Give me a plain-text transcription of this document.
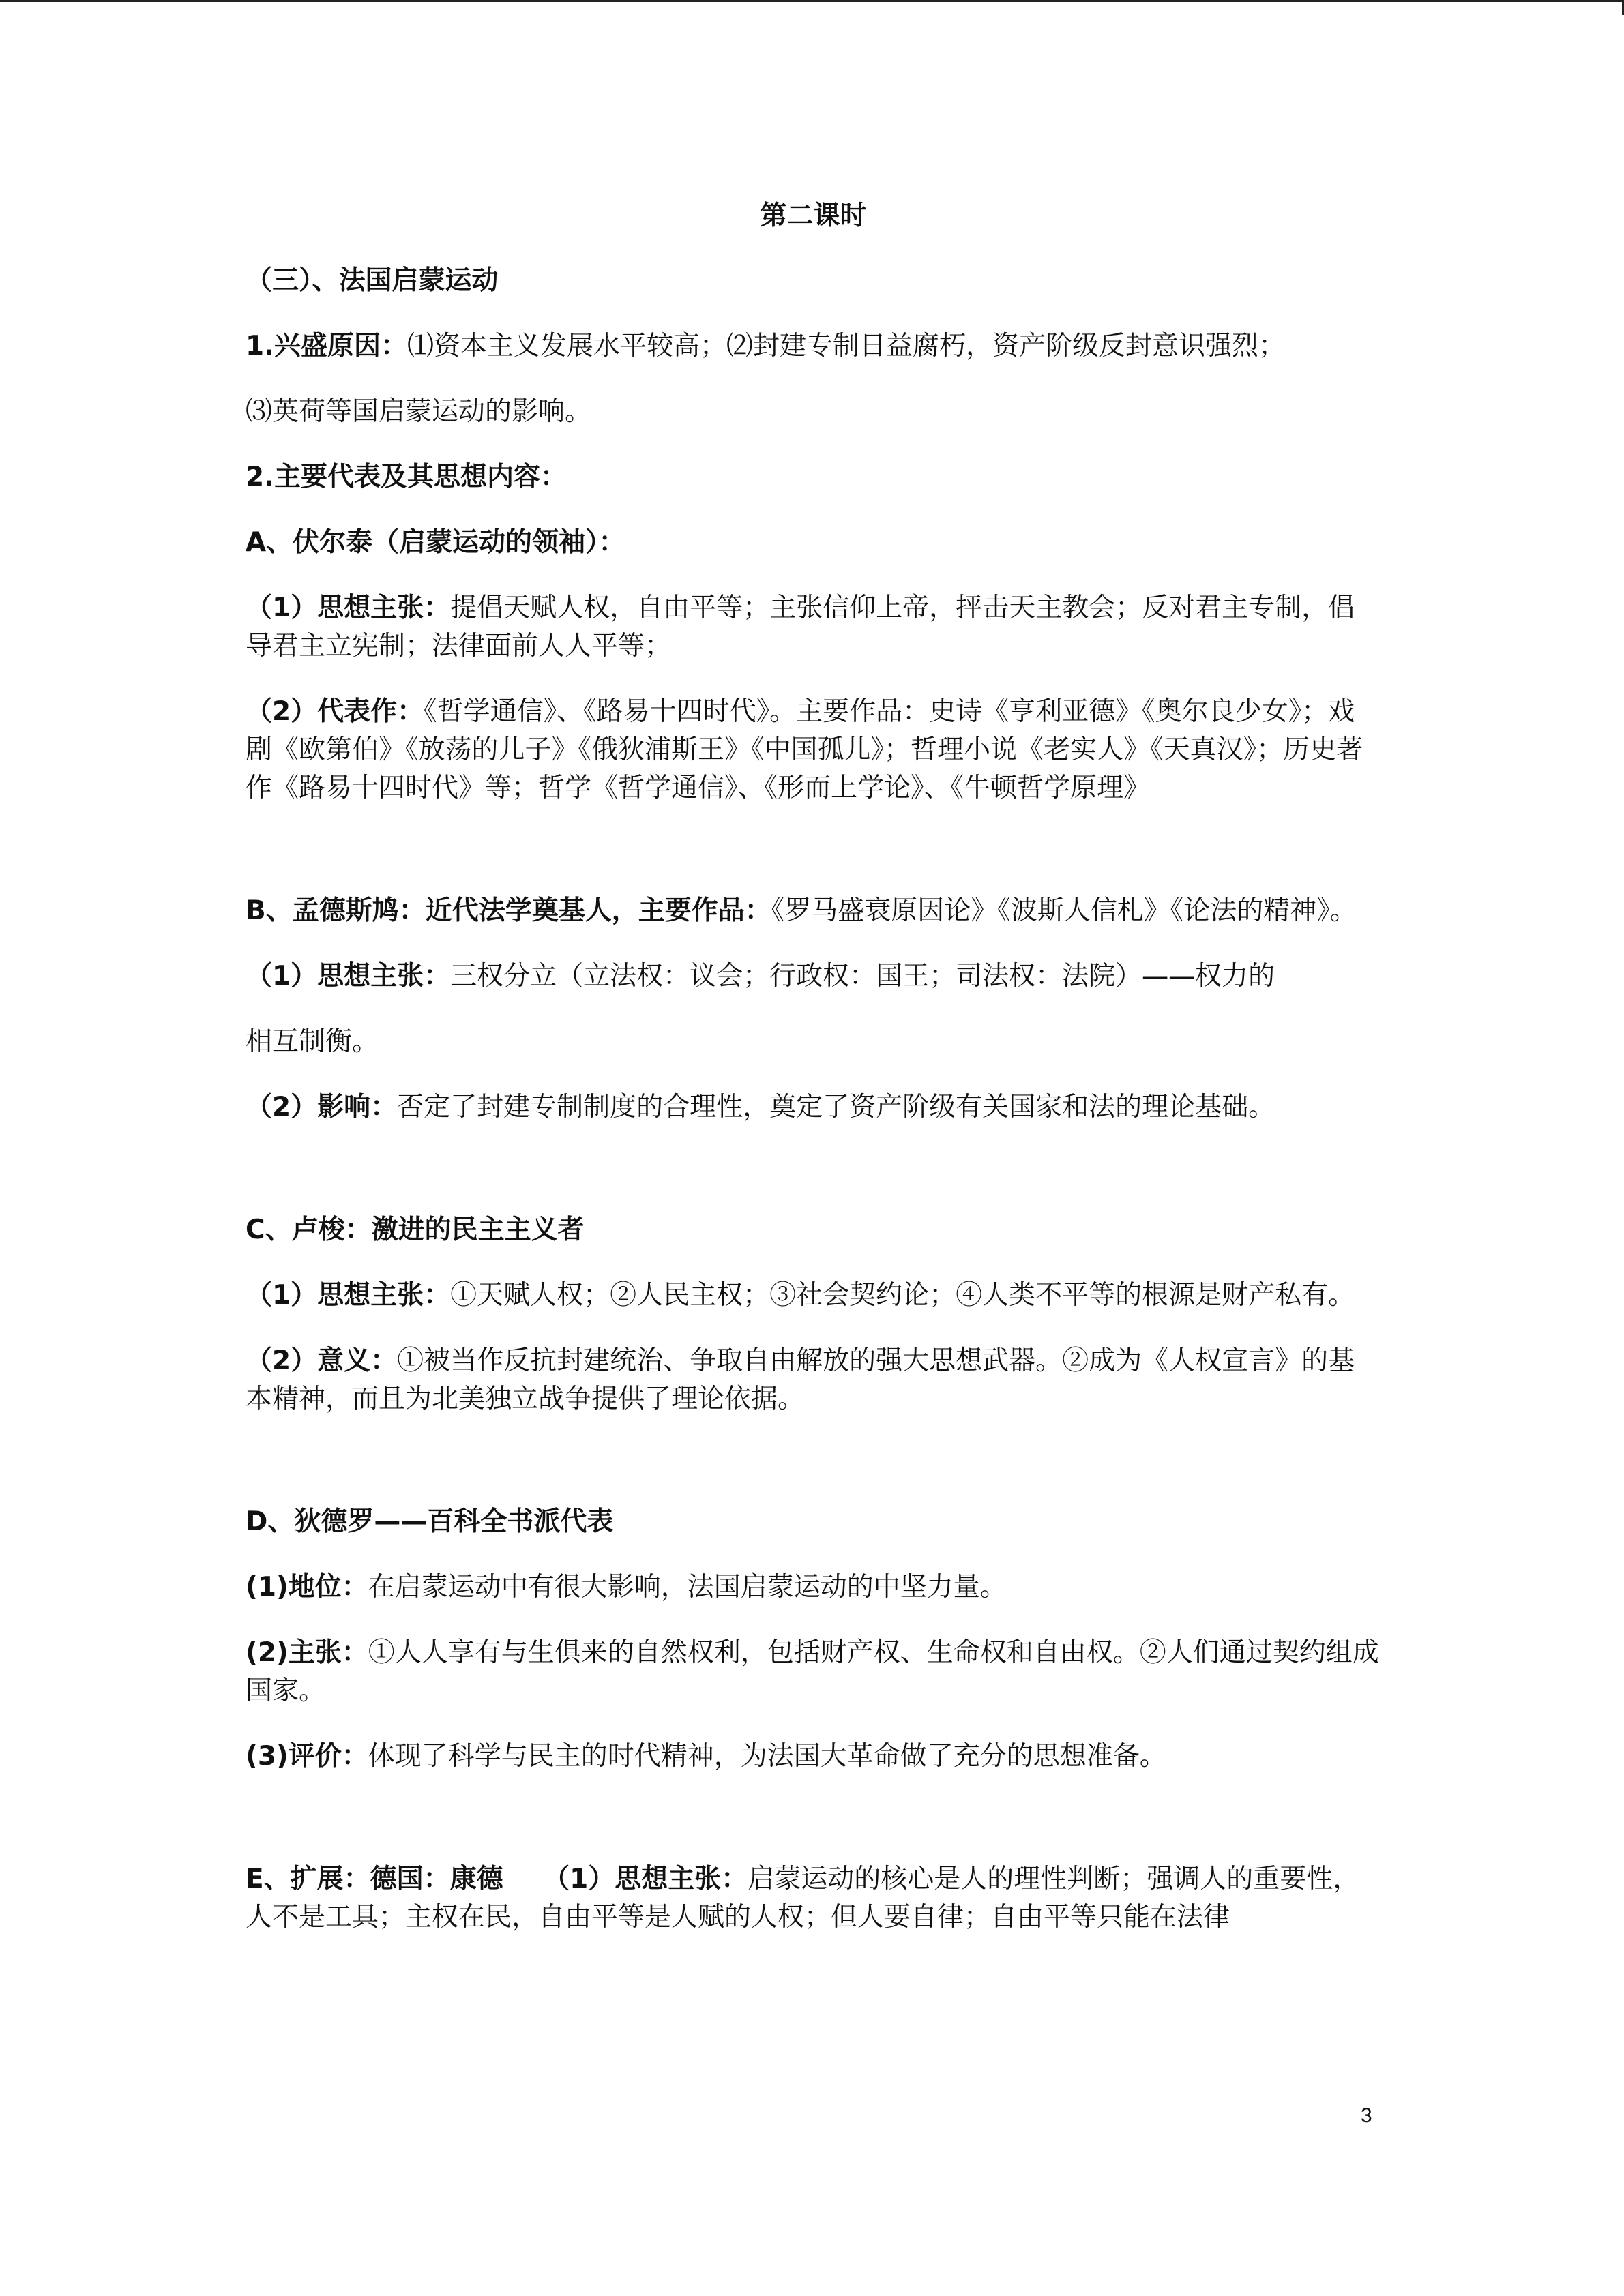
第二课时

（三）、法国启蒙运动

1.兴盛原因：⑴资本主义发展水平较高；⑵封建专制日益腐朽，资产阶级反封意识强烈；

⑶英荷等国启蒙运动的影响。

2.主要代表及其思想内容：

A、伏尔泰（启蒙运动的领袖）：

（1）思想主张：提倡天赋人权，自由平等；主张信仰上帝，抨击天主教会；反对君主专制，倡导君主立宪制；法律面前人人平等；

（2）代表作：《哲学通信》、《路易十四时代》。主要作品：史诗《亨利亚德》《奥尔良少女》；戏剧《欧第伯》《放荡的儿子》《俄狄浦斯王》《中国孤儿》；哲理小说《老实人》《天真汉》；历史著作《路易十四时代》等；哲学《哲学通信》、《形而上学论》、《牛顿哲学原理》

B、孟德斯鸠：近代法学奠基人，主要作品：《罗马盛衰原因论》《波斯人信札》《论法的精神》。

（1）思想主张：三权分立（立法权：议会；行政权：国王；司法权：法院）——权力的

相互制衡。

（2）影响：否定了封建专制制度的合理性，奠定了资产阶级有关国家和法的理论基础。

C、卢梭：激进的民主主义者

（1）思想主张：①天赋人权；②人民主权；③社会契约论；④人类不平等的根源是财产私有。

（2）意义：①被当作反抗封建统治、争取自由解放的强大思想武器。②成为《人权宣言》的基本精神，而且为北美独立战争提供了理论依据。

D、狄德罗——百科全书派代表

(1)地位：在启蒙运动中有很大影响，法国启蒙运动的中坚力量。

(2)主张：①人人享有与生俱来的自然权利，包括财产权、生命权和自由权。②人们通过契约组成国家。

(3)评价：体现了科学与民主的时代精神，为法国大革命做了充分的思想准备。

E、扩展：德国：康德　　（1）思想主张：启蒙运动的核心是人的理性判断；强调人的重要性，人不是工具；主权在民，自由平等是人赋的人权；但人要自律；自由平等只能在法律

3
